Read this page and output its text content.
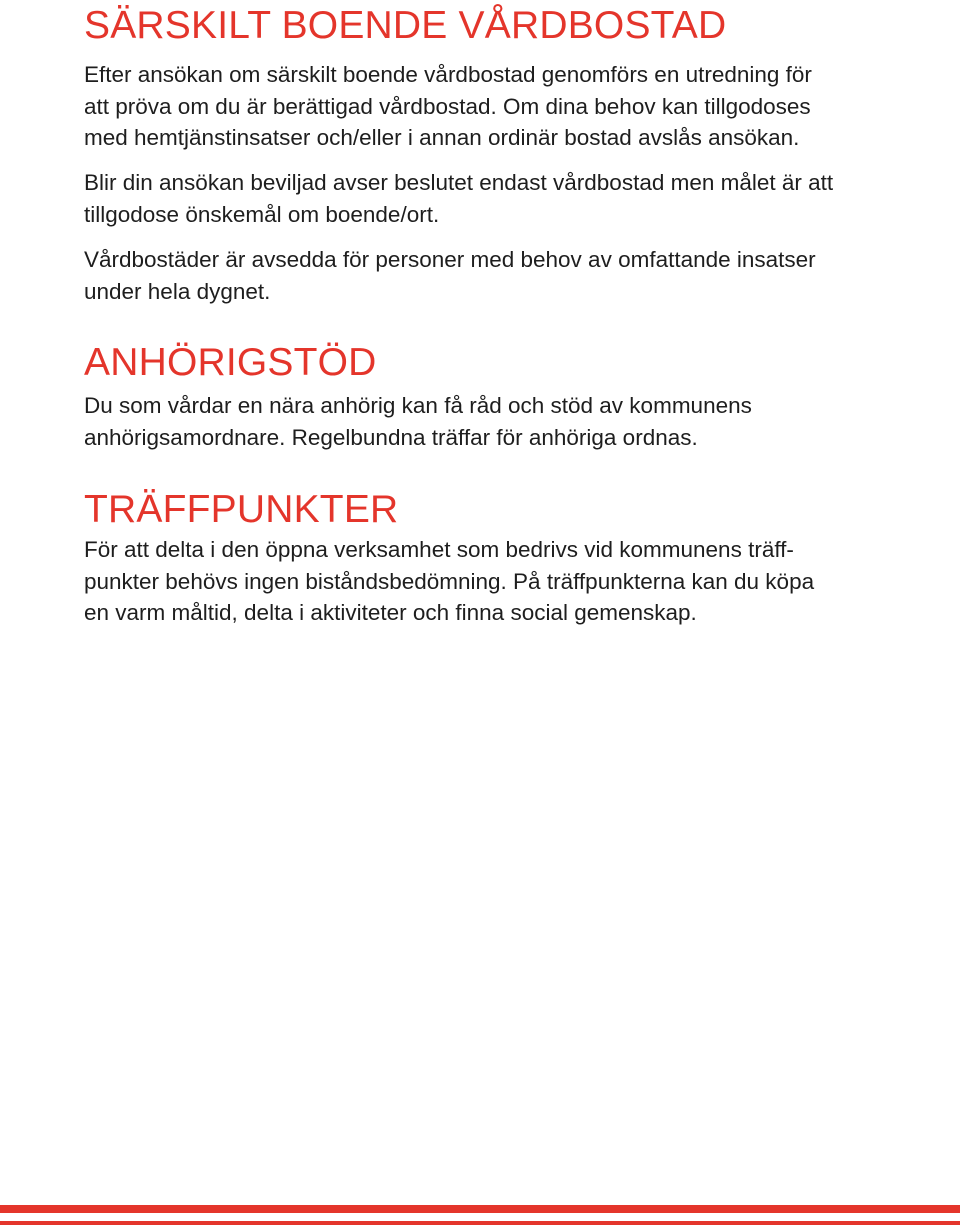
SÄRSKILT BOENDE VÅRDBOSTAD

Efter ansökan om särskilt boende vårdbostad genomförs en utredning för
att pröva om du är berättigad vårdbostad. Om dina behov kan tillgodoses
med hemtjänstinsatser och/eller i annan ordinär bostad avslås ansökan.

Blir din ansökan beviljad avser beslutet endast vårdbostad men målet är att
tillgodose önskemål om boende/ort.

Vårdbostäder är avsedda för personer med behov av omfattande insatser
under hela dygnet.

ANHÖRIGSTÖD

Du som vårdar en nära anhörig kan få råd och stöd av kommunens
anhörigsamordnare. Regelbundna träffar för anhöriga ordnas.

TRÄFFPUNKTER

För att delta i den öppna verksamhet som bedrivs vid kommunens träff-
punkter behövs ingen biståndsbedömning. På träffpunkterna kan du köpa
en varm måltid, delta i aktiviteter och finna social gemenskap.
